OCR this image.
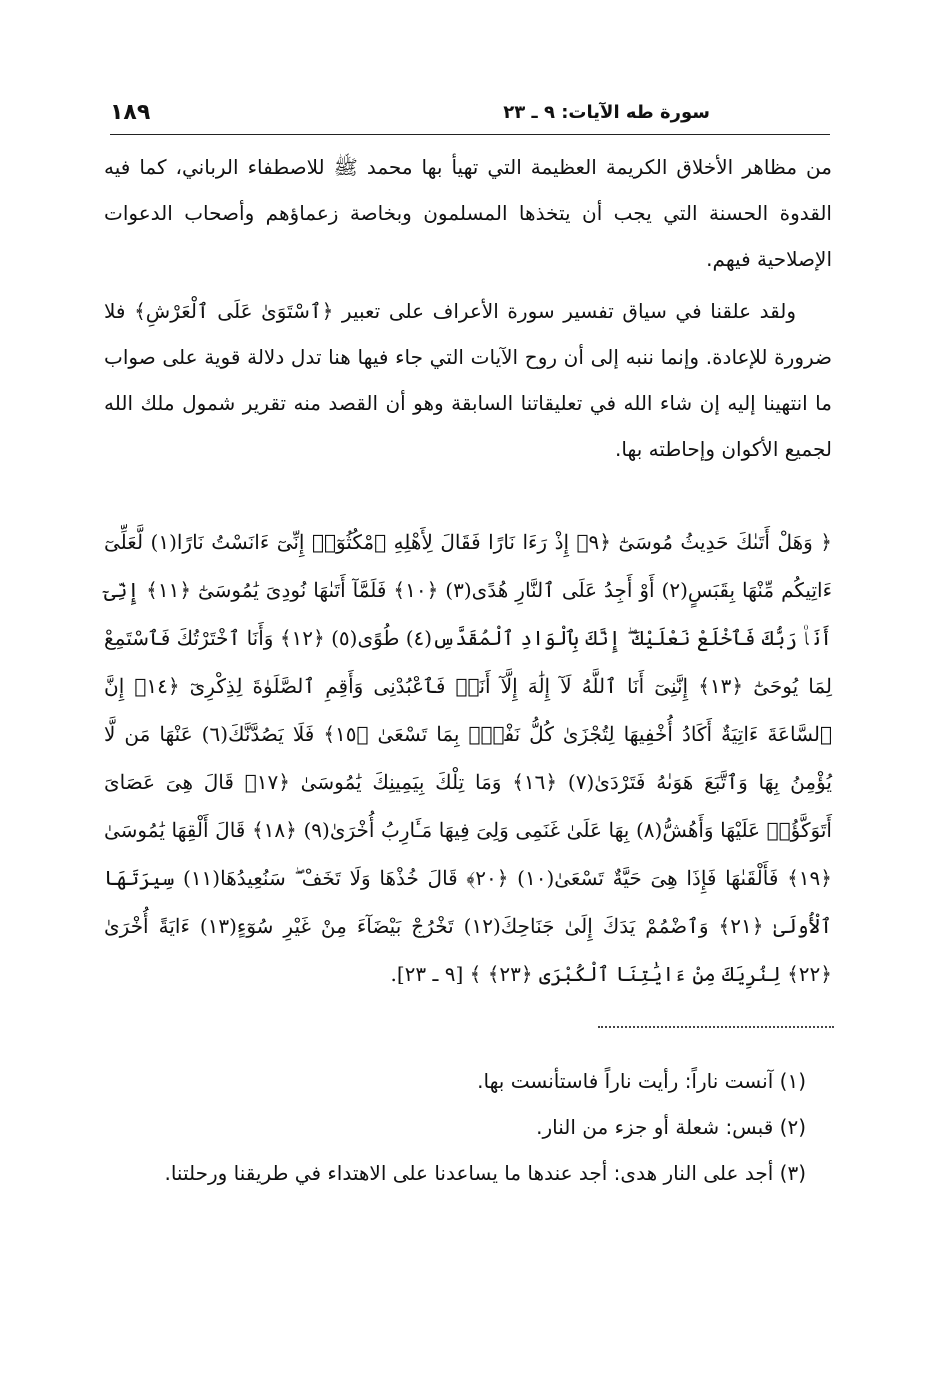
١٨٩	سورة طه الآيات: ٩ ـ ٢٣

من مظاهر الأخلاق الكريمة العظيمة التي تهيأ بها محمد ﷺ للاصطفاء الرباني، كما فيه القدوة الحسنة التي يجب أن يتخذها المسلمون وبخاصة زعماؤهم وأصحاب الدعوات الإصلاحية فيهم.

ولقد علقنا في سياق تفسير سورة الأعراف على تعبير ﴿ٱسْتَوَىٰ عَلَى ٱلْعَرْشِ﴾ فلا ضرورة للإعادة. وإنما ننبه إلى أن روح الآيات التي جاء فيها هنا تدل دلالة قوية على صواب ما انتهينا إليه إن شاء الله في تعليقاتنا السابقة وهو أن القصد منه تقرير شمول ملك الله لجميع الأكوان وإحاطته بها.

﴿ وَهَلْ أَتَىٰكَ حَدِيثُ مُوسَىٰٓ ﴿٩﴾ إِذْ رَءَا نَارًا فَقَالَ لِأَهْلِهِ ٱمْكُثُوٓا۟ إِنِّىٓ ءَانَسْتُ نَارًا(١) لَّعَلِّىٓ ءَاتِيكُم مِّنْهَا بِقَبَسٍ(٢) أَوْ أَجِدُ عَلَى ٱلنَّارِ هُدًى(٣) ﴿١٠﴾ فَلَمَّآ أَتَىٰهَا نُودِىَ يَٰمُوسَىٰٓ ﴿١١﴾ إِنِّىٓ أَنَا۠ رَبُّكَ فَٱخْلَعْ نَعْلَيْكَ ۖ إِنَّكَ بِٱلْوَادِ ٱلْمُقَدَّسِ(٤) طُوًى(٥) ﴿١٢﴾ وَأَنَا ٱخْتَرْتُكَ فَٱسْتَمِعْ لِمَا يُوحَىٰٓ ﴿١٣﴾ إِنَّنِىٓ أَنَا ٱللَّهُ لَآ إِلَٰهَ إِلَّآ أَنَا۠ فَٱعْبُدْنِى وَأَقِمِ ٱلصَّلَوٰةَ لِذِكْرِىٓ ﴿١٤﴾ إِنَّ ٱلسَّاعَةَ ءَاتِيَةٌ أَكَادُ أُخْفِيهَا لِتُجْزَىٰ كُلُّ نَفْسٍۭ بِمَا تَسْعَىٰ ﴿١٥﴾ فَلَا يَصُدَّنَّكَ(٦) عَنْهَا مَن لَّا يُؤْمِنُ بِهَا وَٱتَّبَعَ هَوَىٰهُ فَتَرْدَىٰ(٧) ﴿١٦﴾ وَمَا تِلْكَ بِيَمِينِكَ يَٰمُوسَىٰ ﴿١٧﴾ قَالَ هِىَ عَصَاىَ أَتَوَكَّؤُا۟ عَلَيْهَا وَأَهُشُّ(٨) بِهَا عَلَىٰ غَنَمِى وَلِىَ فِيهَا مَـَٔارِبُ أُخْرَىٰ(٩) ﴿١٨﴾ قَالَ أَلْقِهَا يَٰمُوسَىٰ ﴿١٩﴾ فَأَلْقَىٰهَا فَإِذَا هِىَ حَيَّةٌ تَسْعَىٰ(١٠) ﴿٢٠﴾ قَالَ خُذْهَا وَلَا تَخَفْ ۖ سَنُعِيدُهَا(١١) سِيرَتَهَا ٱلْأُولَىٰ ﴿٢١﴾ وَٱضْمُمْ يَدَكَ إِلَىٰ جَنَاحِكَ(١٢) تَخْرُجْ بَيْضَآءَ مِنْ غَيْرِ سُوٓءٍ(١٣) ءَايَةً أُخْرَىٰ ﴿٢٢﴾ لِنُرِيَكَ مِنْ ءَايَٰتِنَا ٱلْكُبْرَى ﴿٢٣﴾ ﴾ [٩ ـ ٢٣].

(١) آنست ناراً: رأيت ناراً فاستأنست بها.
(٢) قبس: شعلة أو جزء من النار.
(٣) أجد على النار هدى: أجد عندها ما يساعدنا على الاهتداء في طريقنا ورحلتنا.
